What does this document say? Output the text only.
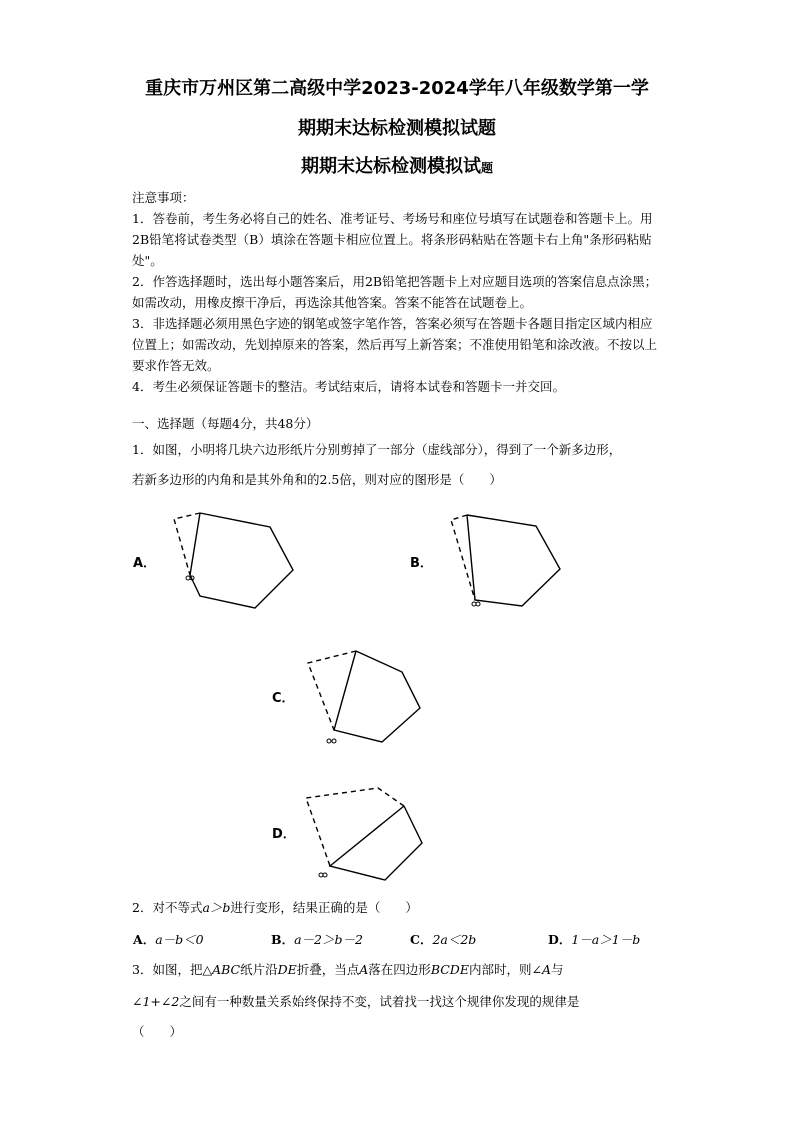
重庆市万州区第二高级中学2023-2024学年八年级数学第一学
期期末达标检测模拟试题
期期末达标检测模拟试题

注意事项：

1．答卷前，考生务必将自己的姓名、准考证号、考场号和座位号填写在试题卷和答题卡上。用2B铅笔将试卷类型（B）填涂在答题卡相应位置上。将条形码粘贴在答题卡右上角"条形码粘贴处"。

2．作答选择题时，选出每小题答案后，用2B铅笔把答题卡上对应题目选项的答案信息点涂黑；如需改动，用橡皮擦干净后，再选涂其他答案。答案不能答在试题卷上。

3．非选择题必须用黑色字迹的钢笔或签字笔作答，答案必须写在答题卡各题目指定区域内相应位置上；如需改动，先划掉原来的答案，然后再写上新答案；不准使用铅笔和涂改液。不按以上要求作答无效。

4．考生必须保证答题卡的整洁。考试结束后，请将本试卷和答题卡一并交回。

一、选择题（每题4分，共48分）
1．如图，小明将几块六边形纸片分别剪掉了一部分（虚线部分），得到了一个新多边形，
若新多边形的内角和是其外角和的2.5倍，则对应的图形是（　　）
A．	B．
C．
D．
2．对不等式a＞b进行变形，结果正确的是（　　）
A．a－b＜0	B．a－2＞b－2	C．2a＜2b	D．1－a＞1－b
3．如图，把△ABC纸片沿DE折叠，当点A落在四边形BCDE内部时，则∠A与
∠1+∠2之间有一种数量关系始终保持不变，试着找一找这个规律你发现的规律是
（　　）
